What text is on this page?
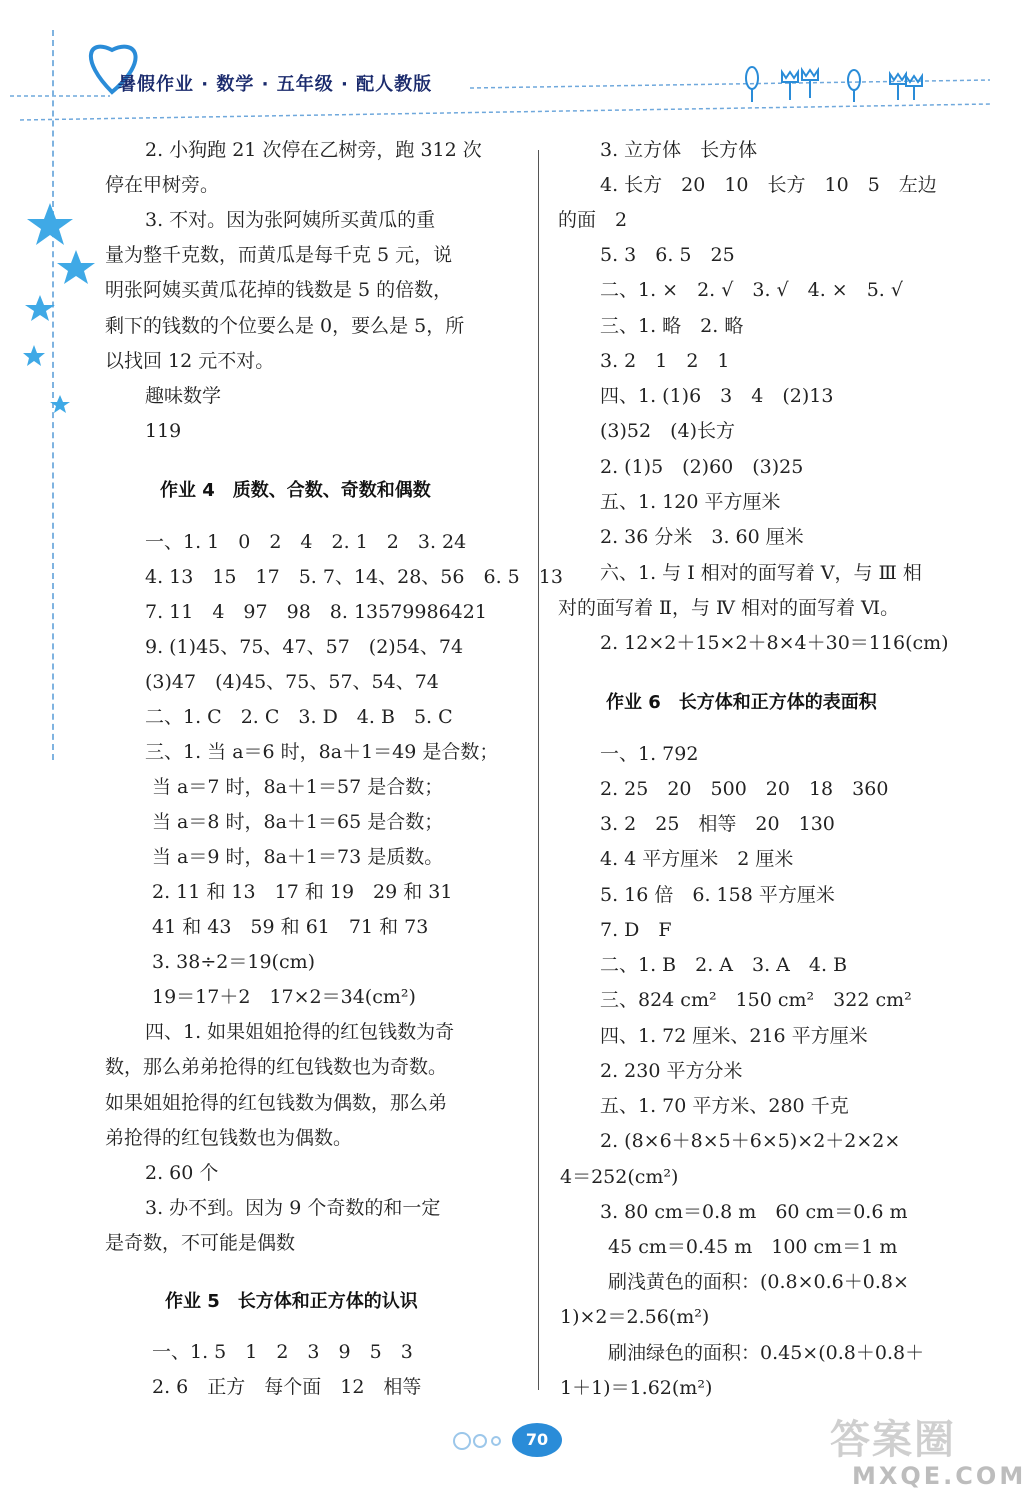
暑假作业 · 数学 · 五年级 · 配人教版
2. 小狗跑 21 次停在乙树旁，跑 312 次
停在甲树旁。
3. 不对。因为张阿姨所买黄瓜的重
量为整千克数，而黄瓜是每千克 5 元，说
明张阿姨买黄瓜花掉的钱数是 5 的倍数，
剩下的钱数的个位要么是 0，要么是 5，所
以找回 12 元不对。
趣味数学
119
作业 4　质数、合数、奇数和偶数
一、1. 1　0　2　4　2. 1　2　3. 24
4. 13　15　17　5. 7、14、28、56　6. 5　13
7. 11　4　97　98　8. 13579986421
9. (1)45、75、47、57　(2)54、74
(3)47　(4)45、75、57、54、74
二、1. C　2. C　3. D　4. B　5. C
三、1. 当 a＝6 时，8a＋1＝49 是合数；
当 a＝7 时，8a＋1＝57 是合数；
当 a＝8 时，8a＋1＝65 是合数；
当 a＝9 时，8a＋1＝73 是质数。
2. 11 和 13　17 和 19　29 和 31
41 和 43　59 和 61　71 和 73
3. 38÷2＝19(cm)
19＝17＋2　17×2＝34(cm²)
四、1. 如果姐姐抢得的红包钱数为奇
数，那么弟弟抢得的红包钱数也为奇数。
如果姐姐抢得的红包钱数为偶数，那么弟
弟抢得的红包钱数也为偶数。
2. 60 个
3. 办不到。因为 9 个奇数的和一定
是奇数，不可能是偶数
作业 5　长方体和正方体的认识
一、1. 5　1　2　3　9　5　3
2. 6　正方　每个面　12　相等
3. 立方体　长方体
4. 长方　20　10　长方　10　5　左边
的面　2
5. 3　6. 5　25
二、1. ×　2. √　3. √　4. ×　5. √
三、1. 略　2. 略
3. 2　1　2　1
四、1. (1)6　3　4　(2)13
(3)52　(4)长方
2. (1)5　(2)60　(3)25
五、1. 120 平方厘米
2. 36 分米　3. 60 厘米
六、1. 与 Ⅰ 相对的面写着 Ⅴ，与 Ⅲ 相
对的面写着 Ⅱ，与 Ⅳ 相对的面写着 Ⅵ。
2. 12×2＋15×2＋8×4＋30＝116(cm)
作业 6　长方体和正方体的表面积
一、1. 792
2. 25　20　500　20　18　360
3. 2　25　相等　20　130
4. 4 平方厘米　2 厘米
5. 16 倍　6. 158 平方厘米
7. D　F
二、1. B　2. A　3. A　4. B
三、824 cm²　150 cm²　322 cm²
四、1. 72 厘米、216 平方厘米
2. 230 平方分米
五、1. 70 平方米、280 千克
2. (8×6＋8×5＋6×5)×2＋2×2×
4＝252(cm²)
3. 80 cm＝0.8 m　60 cm＝0.6 m
45 cm＝0.45 m　100 cm＝1 m
刷浅黄色的面积：(0.8×0.6＋0.8×
1)×2＝2.56(m²)
刷油绿色的面积：0.45×(0.8＋0.8＋
1＋1)＝1.62(m²)
70	答案圈
MXQE.COM
